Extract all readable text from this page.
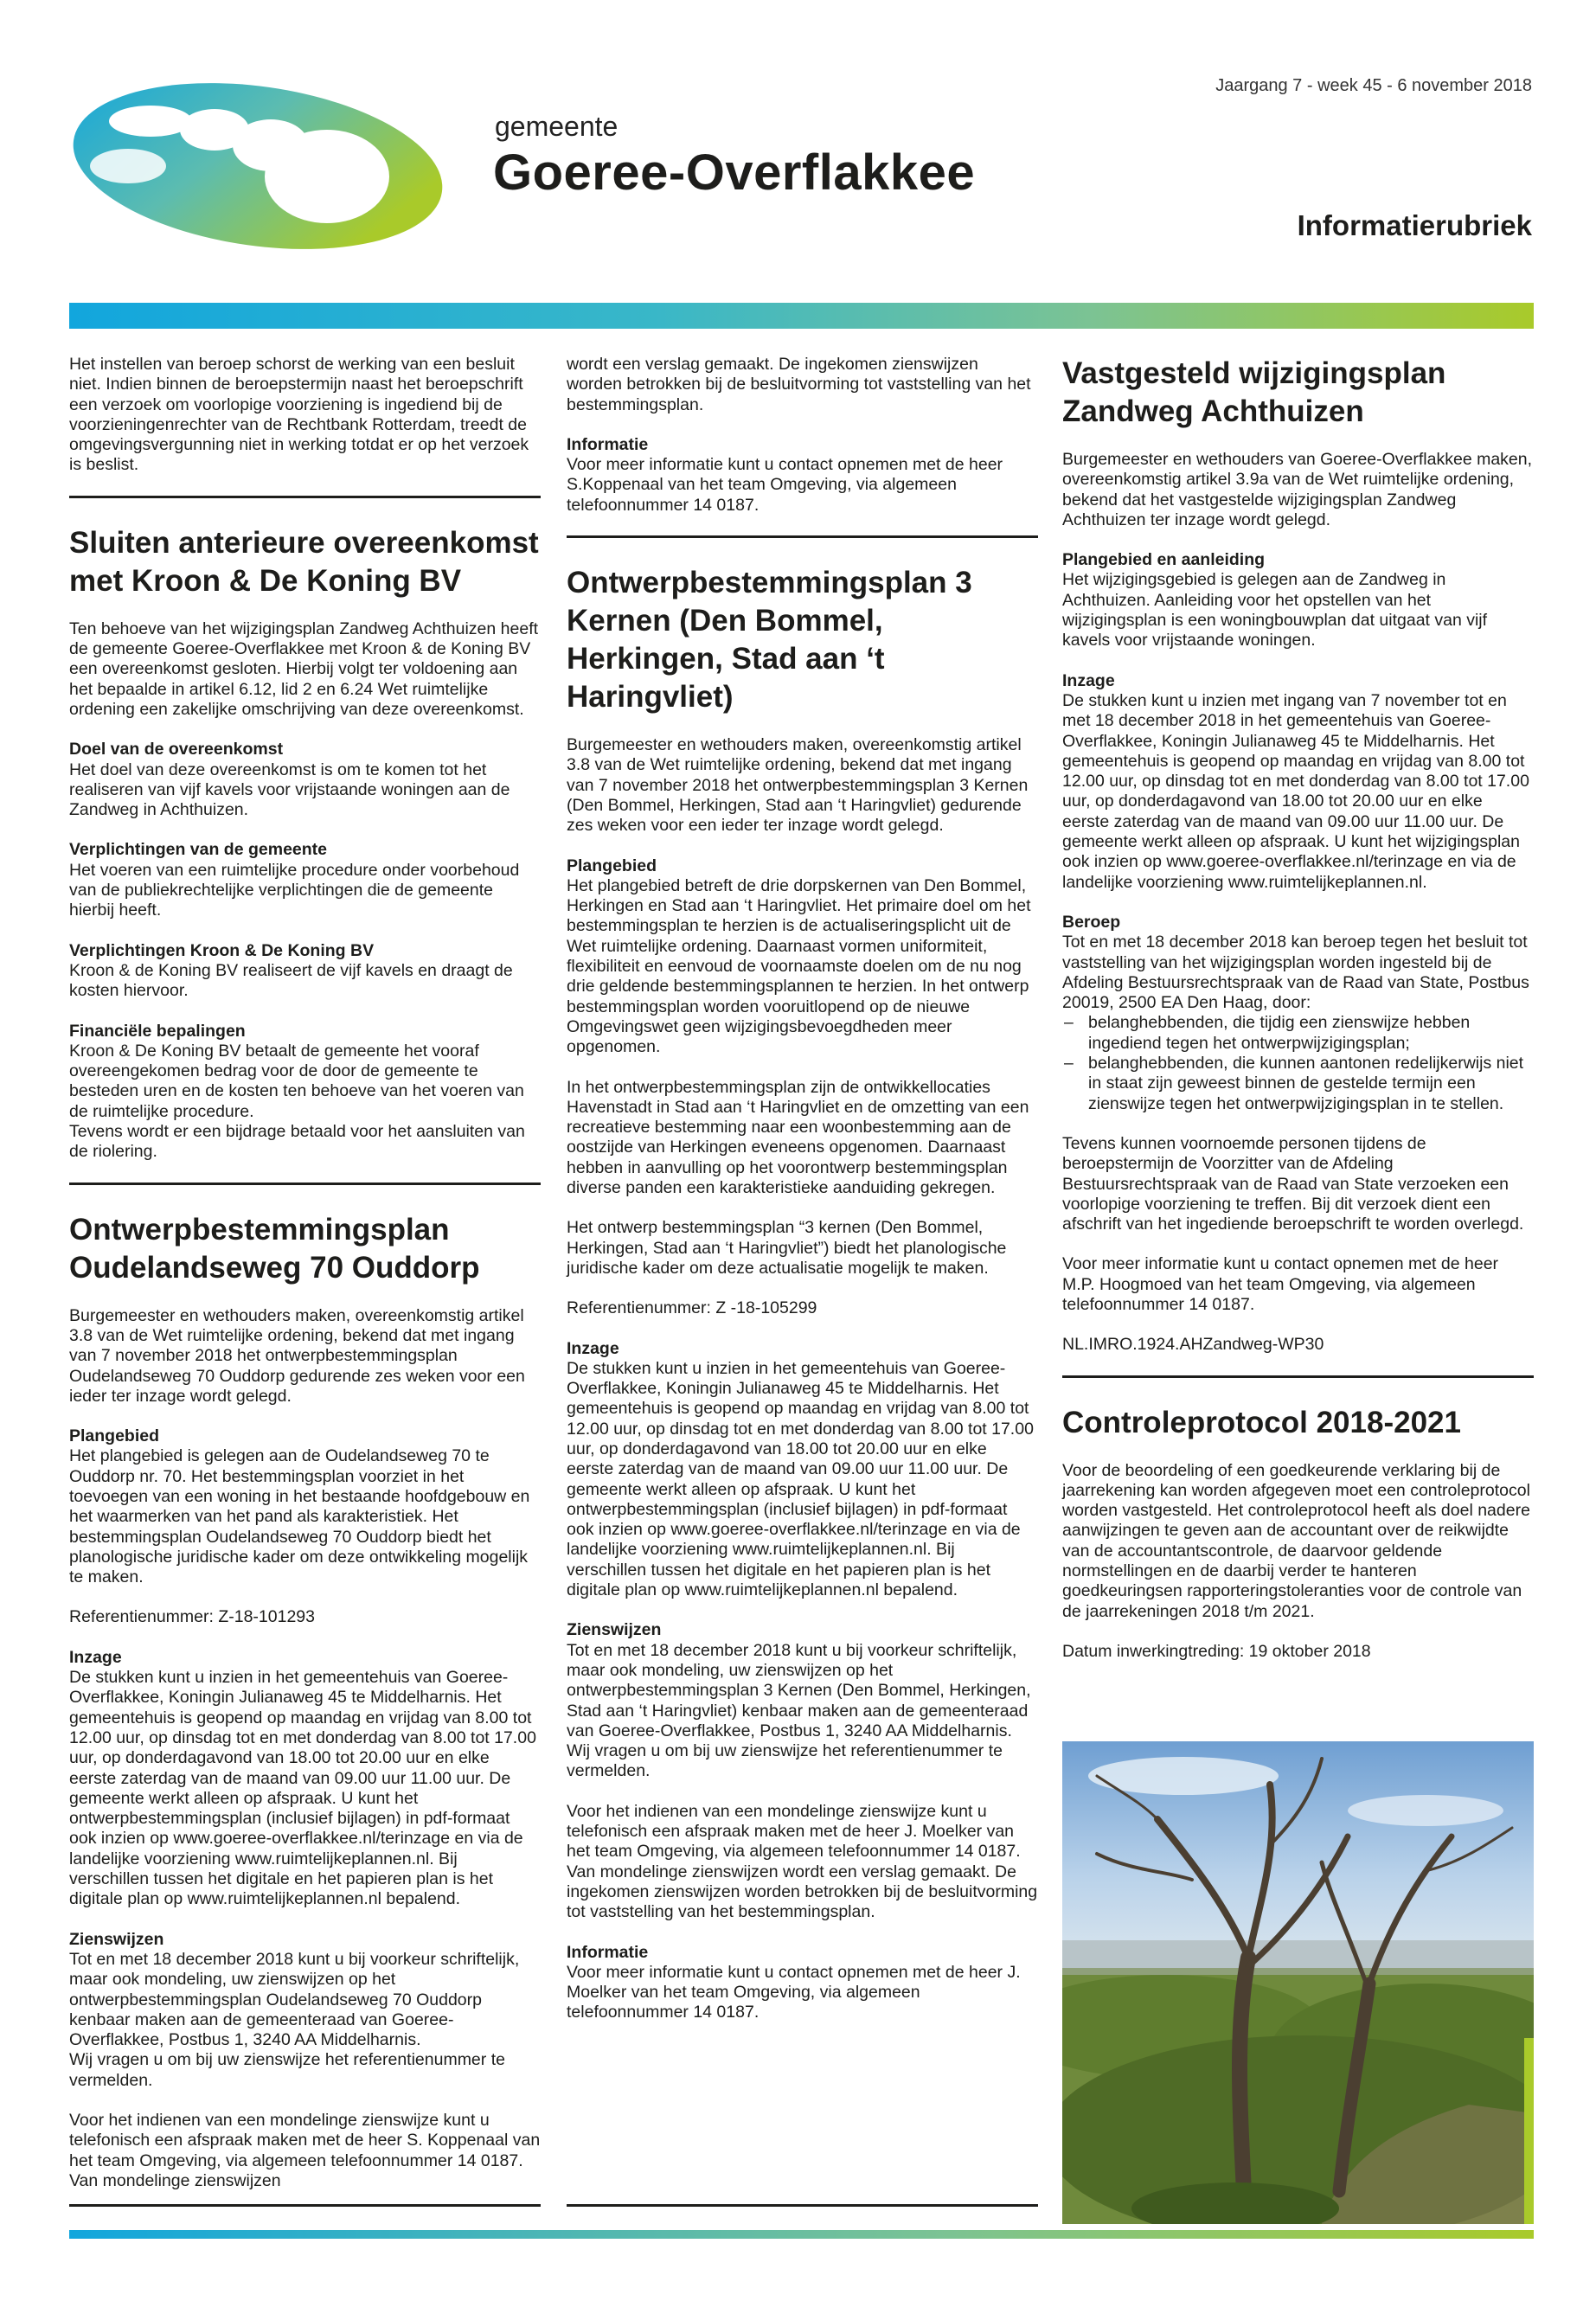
Jaargang 7 - week 45 - 6 november 2018
gemeente
Goeree-Overflakkee
Informatierubriek

Het instellen van beroep schorst de werking van een besluit niet. Indien binnen de beroepstermijn naast het beroepschrift een verzoek om voorlopige voorziening is ingediend bij de voorzieningenrechter van de Rechtbank Rotterdam, treedt de omgevingsvergunning niet in werking totdat er op het verzoek is beslist.

Sluiten anterieure overeenkomst met Kroon & De Koning BV

Ten behoeve van het wijzigingsplan Zandweg Achthuizen heeft de gemeente Goeree-Overflakkee met Kroon & de Koning BV een overeenkomst gesloten. Hierbij volgt ter voldoening aan het bepaalde in artikel 6.12, lid 2 en 6.24 Wet ruimtelijke ordening een zakelijke omschrijving van deze overeenkomst.

Doel van de overeenkomst

Het doel van deze overeenkomst is om te komen tot het realiseren van vijf kavels voor vrijstaande woningen aan de Zandweg in Achthuizen.

Verplichtingen van de gemeente

Het voeren van een ruimtelijke procedure onder voorbehoud van de publiekrechtelijke verplichtingen die de gemeente hierbij heeft.

Verplichtingen Kroon & De Koning BV

Kroon & de Koning BV realiseert de vijf kavels en draagt de kosten hiervoor.

Financiële bepalingen

Kroon & De Koning BV betaalt de gemeente het vooraf overeengekomen bedrag voor de door de gemeente te besteden uren en de kosten ten behoeve van het voeren van de ruimtelijke procedure.

Tevens wordt er een bijdrage betaald voor het aansluiten van de riolering.

Ontwerpbestemmingsplan Oudelandseweg 70 Ouddorp

Burgemeester en wethouders maken, overeenkomstig artikel 3.8 van de Wet ruimtelijke ordening, bekend dat met ingang van 7 november 2018 het ontwerpbestemmingsplan Oudelandseweg 70 Ouddorp gedurende zes weken voor een ieder ter inzage wordt gelegd.

Plangebied

Het plangebied is gelegen aan de Oudelandseweg 70 te Ouddorp nr. 70. Het bestemmingsplan voorziet in het toevoegen van een woning in het bestaande hoofdgebouw en het waarmerken van het pand als karakteristiek. Het bestemmingsplan Oudelandseweg 70 Ouddorp biedt het planologische juridische kader om deze ontwikkeling mogelijk te maken.

Referentienummer: Z-18-101293

Inzage

De stukken kunt u inzien in het gemeentehuis van Goeree-Overflakkee, Koningin Julianaweg 45 te Middelharnis. Het gemeentehuis is geopend op maandag en vrijdag van 8.00 tot 12.00 uur, op dinsdag tot en met donderdag van 8.00 tot 17.00 uur, op donderdagavond van 18.00 tot 20.00 uur en elke eerste zaterdag van de maand van 09.00 uur 11.00 uur. De gemeente werkt alleen op afspraak. U kunt het ontwerpbestemmingsplan (inclusief bijlagen) in pdf-formaat ook inzien op www.goeree-overflakkee.nl/terinzage en via de landelijke voorziening www.ruimtelijkeplannen.nl. Bij verschillen tussen het digitale en het papieren plan is het digitale plan op www.ruimtelijkeplannen.nl bepalend.

Zienswijzen

Tot en met 18 december 2018 kunt u bij voorkeur schriftelijk, maar ook mondeling, uw zienswijzen op het ontwerpbestemmingsplan Oudelandseweg 70 Ouddorp kenbaar maken aan de gemeenteraad van Goeree-Overflakkee, Postbus 1, 3240 AA Middelharnis.

Wij vragen u om bij uw zienswijze het referentienummer te vermelden.

Voor het indienen van een mondelinge zienswijze kunt u telefonisch een afspraak maken met de heer S. Koppenaal van het team Omgeving, via algemeen telefoonnummer 14 0187. Van mondelinge zienswijzen

wordt een verslag gemaakt. De ingekomen zienswijzen worden betrokken bij de besluitvorming tot vaststelling van het bestemmingsplan.

Informatie

Voor meer informatie kunt u contact opnemen met de heer S.Koppenaal van het team Omgeving, via algemeen telefoonnummer 14 0187.

Ontwerpbestemmingsplan 3 Kernen (Den Bommel, Herkingen, Stad aan ‘t Haringvliet)

Burgemeester en wethouders maken, overeenkomstig artikel 3.8 van de Wet ruimtelijke ordening, bekend dat met ingang van 7 november 2018 het ontwerpbestemmingsplan 3 Kernen (Den Bommel, Herkingen, Stad aan ‘t Haringvliet) gedurende zes weken voor een ieder ter inzage wordt gelegd.

Plangebied

Het plangebied betreft de drie dorpskernen van Den Bommel, Herkingen en Stad aan ‘t Haringvliet. Het primaire doel om het bestemmingsplan te herzien is de actualiseringsplicht uit de Wet ruimtelijke ordening. Daarnaast vormen uniformiteit, flexibiliteit en eenvoud de voornaamste doelen om de nu nog drie geldende bestemmingsplannen te herzien. In het ontwerp bestemmingsplan worden vooruitlopend op de nieuwe Omgevingswet geen wijzigingsbevoegdheden meer opgenomen.

In het ontwerpbestemmingsplan zijn de ontwikkellocaties Havenstadt in Stad aan ‘t Haringvliet en de omzetting van een recreatieve bestemming naar een woonbestemming aan de oostzijde van Herkingen eveneens opgenomen. Daarnaast hebben in aanvulling op het voorontwerp bestemmingsplan diverse panden een karakteristieke aanduiding gekregen.

Het ontwerp bestemmingsplan “3 kernen (Den Bommel, Herkingen, Stad aan ‘t Haringvliet”) biedt het planologische juridische kader om deze actualisatie mogelijk te maken.

Referentienummer: Z -18-105299

Inzage

De stukken kunt u inzien in het gemeentehuis van Goeree-Overflakkee, Koningin Julianaweg 45 te Middelharnis. Het gemeentehuis is geopend op maandag en vrijdag van 8.00 tot 12.00 uur, op dinsdag tot en met donderdag van 8.00 tot 17.00 uur, op donderdagavond van 18.00 tot 20.00 uur en elke eerste zaterdag van de maand van 09.00 uur 11.00 uur. De gemeente werkt alleen op afspraak. U kunt het ontwerpbestemmingsplan (inclusief bijlagen) in pdf-formaat ook inzien op www.goeree-overflakkee.nl/terinzage en via de landelijke voorziening www.ruimtelijkeplannen.nl. Bij verschillen tussen het digitale en het papieren plan is het digitale plan op www.ruimtelijkeplannen.nl bepalend.

Zienswijzen

Tot en met 18 december 2018 kunt u bij voorkeur schriftelijk, maar ook mondeling, uw zienswijzen op het ontwerpbestemmingsplan 3 Kernen (Den Bommel, Herkingen, Stad aan ‘t Haringvliet) kenbaar maken aan de gemeenteraad van Goeree-Overflakkee, Postbus 1, 3240 AA Middelharnis. Wij vragen u om bij uw zienswijze het referentienummer te vermelden.

Voor het indienen van een mondelinge zienswijze kunt u telefonisch een afspraak maken met de heer J. Moelker van het team Omgeving, via algemeen telefoonnummer 14 0187. Van mondelinge zienswijzen wordt een verslag gemaakt. De ingekomen zienswijzen worden betrokken bij de besluitvorming tot vaststelling van het bestemmingsplan.

Informatie

Voor meer informatie kunt u contact opnemen met de heer J. Moelker van het team Omgeving, via algemeen telefoonnummer 14 0187.

Vastgesteld wijzigingsplan Zandweg Achthuizen

Burgemeester en wethouders van Goeree-Overflakkee maken, overeenkomstig artikel 3.9a van de Wet ruimtelijke ordening, bekend dat het vastgestelde wijzigingsplan Zandweg Achthuizen ter inzage wordt gelegd.

Plangebied en aanleiding

Het wijzigingsgebied is gelegen aan de Zandweg in Achthuizen. Aanleiding voor het opstellen van het wijzigingsplan is een woningbouwplan dat uitgaat van vijf kavels voor vrijstaande woningen.

Inzage

De stukken kunt u inzien met ingang van 7 november tot en met 18 december 2018 in het gemeentehuis van Goeree-Overflakkee, Koningin Julianaweg 45 te Middelharnis. Het gemeentehuis is geopend op maandag en vrijdag van 8.00 tot 12.00 uur, op dinsdag tot en met donderdag van 8.00 tot 17.00 uur, op donderdagavond van 18.00 tot 20.00 uur en elke eerste zaterdag van de maand van 09.00 uur 11.00 uur. De gemeente werkt alleen op afspraak. U kunt het wijzigingsplan ook inzien op www.goeree-overflakkee.nl/terinzage en via de landelijke voorziening www.ruimtelijkeplannen.nl.

Beroep

Tot en met 18 december 2018 kan beroep tegen het besluit tot vaststelling van het wijzigingsplan worden ingesteld bij de Afdeling Bestuursrechtspraak van de Raad van State, Postbus 20019, 2500 EA Den Haag, door:

– belanghebbenden, die tijdig een zienswijze hebben ingediend tegen het ontwerpwijzigingsplan;
– belanghebbenden, die kunnen aantonen redelijkerwijs niet in staat zijn geweest binnen de gestelde termijn een zienswijze tegen het ontwerpwijzigingsplan in te stellen.

Tevens kunnen voornoemde personen tijdens de beroepstermijn de Voorzitter van de Afdeling Bestuursrechtspraak van de Raad van State verzoeken een voorlopige voorziening te treffen. Bij dit verzoek dient een afschrift van het ingediende beroepschrift te worden overlegd.

Voor meer informatie kunt u contact opnemen met de heer M.P. Hoogmoed van het team Omgeving, via algemeen telefoonnummer 14 0187.

NL.IMRO.1924.AHZandweg-WP30

Controleprotocol 2018-2021

Voor de beoordeling of een goedkeurende verklaring bij de jaarrekening kan worden afgegeven moet een controleprotocol worden vastgesteld. Het controleprotocol heeft als doel nadere aanwijzingen te geven aan de accountant over de reikwijdte van de accountantscontrole, de daarvoor geldende normstellingen en de daarbij verder te hanteren goedkeuringsen rapporteringstoleranties voor de controle van de jaarrekeningen 2018 t/m 2021.

Datum inwerkingtreding: 19 oktober 2018
